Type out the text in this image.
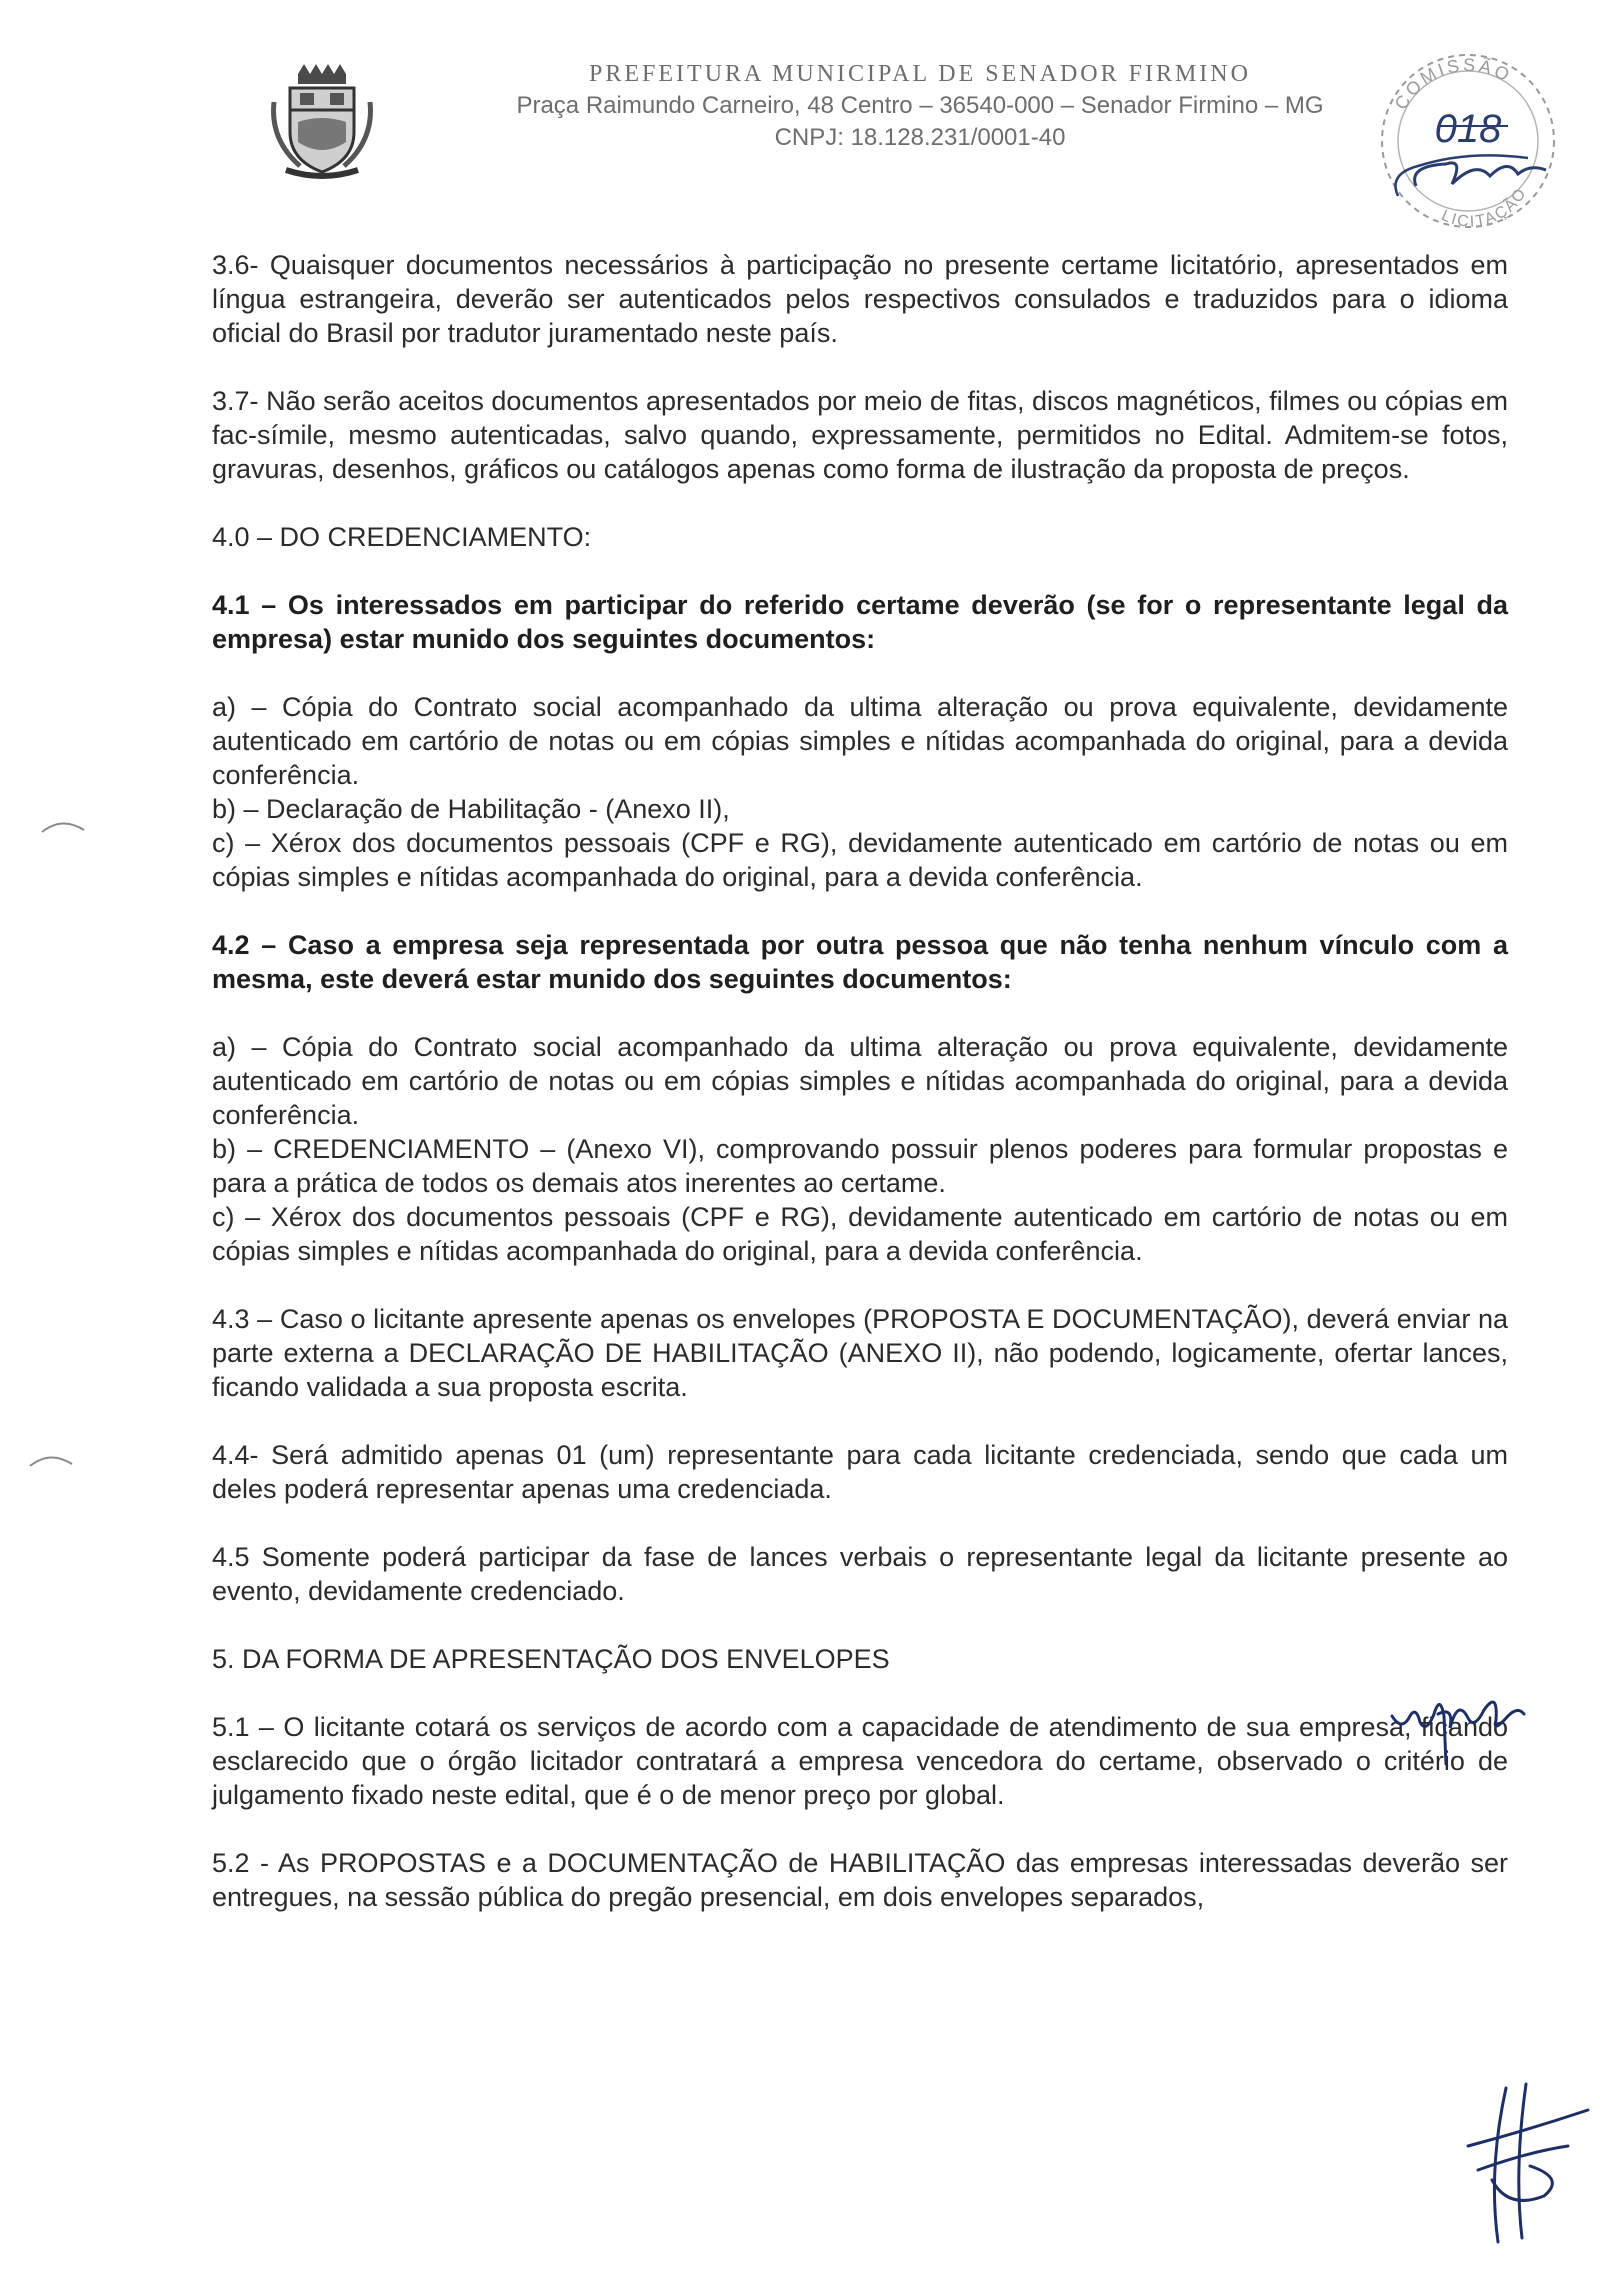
PREFEITURA MUNICIPAL DE SENADOR FIRMINO
Praça Raimundo Carneiro, 48 Centro – 36540-000 – Senador Firmino – MG
CNPJ: 18.128.231/0001-40
COMISSÃO
LICITAÇÃO
018

3.6- Quaisquer documentos necessários à participação no presente certame licitatório, apresentados em língua estrangeira, deverão ser autenticados pelos respectivos consulados e traduzidos para o idioma oficial do Brasil por tradutor juramentado neste país.

3.7- Não serão aceitos documentos apresentados por meio de fitas, discos magnéticos, filmes ou cópias em fac-símile, mesmo autenticadas, salvo quando, expressamente, permitidos no Edital. Admitem-se fotos, gravuras, desenhos, gráficos ou catálogos apenas como forma de ilustração da proposta de preços.

4.0 – DO CREDENCIAMENTO:

4.1 – Os interessados em participar do referido certame deverão (se for o representante legal da empresa) estar munido dos seguintes documentos:

a) – Cópia do Contrato social acompanhado da ultima alteração ou prova equivalente, devidamente autenticado em cartório de notas ou em cópias simples e nítidas acompanhada do original, para a devida conferência.

b) – Declaração de Habilitação - (Anexo II),

c) – Xérox dos documentos pessoais (CPF e RG), devidamente autenticado em cartório de notas ou em cópias simples e nítidas acompanhada do original, para a devida conferência.

4.2 – Caso a empresa seja representada por outra pessoa que não tenha nenhum vínculo com a mesma, este deverá estar munido dos seguintes documentos:

a) – Cópia do Contrato social acompanhado da ultima alteração ou prova equivalente, devidamente autenticado em cartório de notas ou em cópias simples e nítidas acompanhada do original, para a devida conferência.

b) – CREDENCIAMENTO – (Anexo VI), comprovando possuir plenos poderes para formular propostas e para a prática de todos os demais atos inerentes ao certame.

c) – Xérox dos documentos pessoais (CPF e RG), devidamente autenticado em cartório de notas ou em cópias simples e nítidas acompanhada do original, para a devida conferência.

4.3 – Caso o licitante apresente apenas os envelopes (PROPOSTA E DOCUMENTAÇÃO), deverá enviar na parte externa a DECLARAÇÃO DE HABILITAÇÃO (ANEXO II), não podendo, logicamente, ofertar lances, ficando validada a sua proposta escrita.

4.4- Será admitido apenas 01 (um) representante para cada licitante credenciada, sendo que cada um deles poderá representar apenas uma credenciada.

4.5 Somente poderá participar da fase de lances verbais o representante legal da licitante presente ao evento, devidamente credenciado.

5. DA FORMA DE APRESENTAÇÃO DOS ENVELOPES

5.1 – O licitante cotará os serviços de acordo com a capacidade de atendimento de sua empresa, ficando esclarecido que o órgão licitador contratará a empresa vencedora do certame, observado o critério de julgamento fixado neste edital, que é o de menor preço por global.

5.2 - As PROPOSTAS e a DOCUMENTAÇÃO de HABILITAÇÃO das empresas interessadas deverão ser entregues, na sessão pública do pregão presencial, em dois envelopes separados,
